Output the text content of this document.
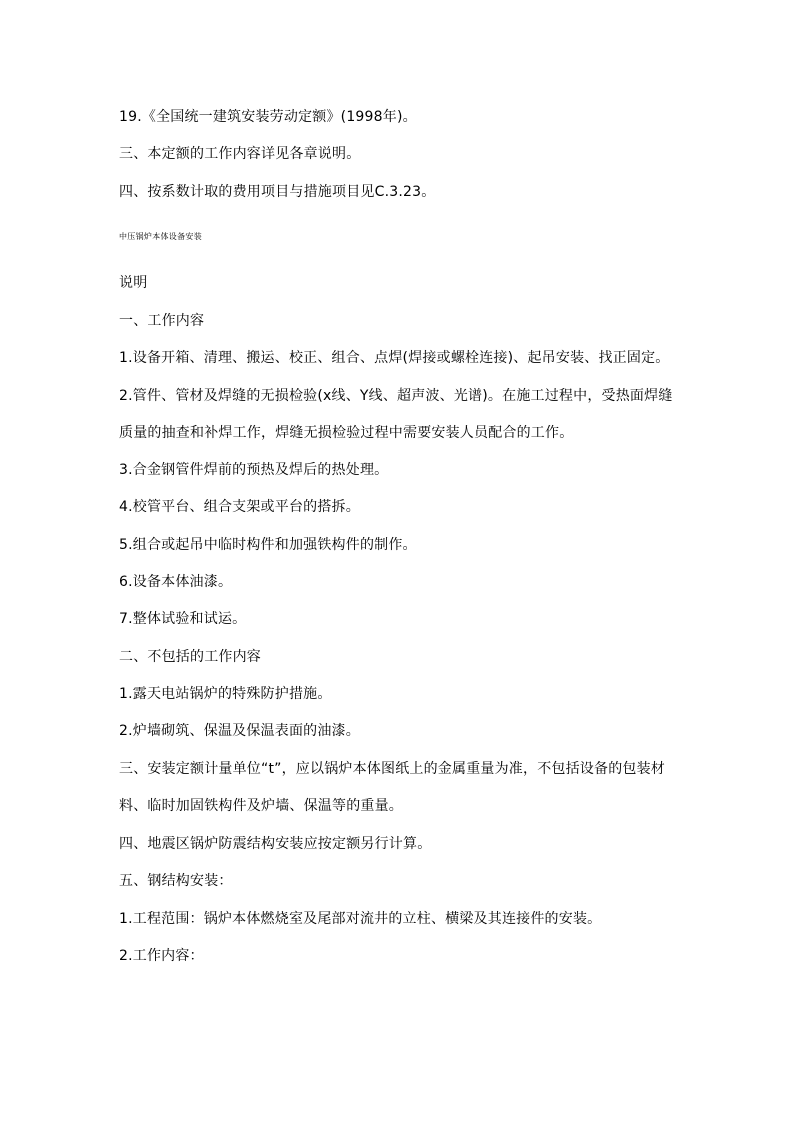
19.《全国统一建筑安装劳动定额》(1998年)。
三、本定额的工作内容详见各章说明。
四、按系数计取的费用项目与措施项目见C.3.23。
中压锅炉本体设备安装
说明
一、工作内容
1.设备开箱、清理、搬运、校正、组合、点焊(焊接或螺栓连接)、起吊安装、找正固定。
2.管件、管材及焊缝的无损检验(x线、Y线、超声波、光谱)。在施工过程中，受热面焊缝
质量的抽查和补焊工作，焊缝无损检验过程中需要安装人员配合的工作。
3.合金钢管件焊前的预热及焊后的热处理。
4.校管平台、组合支架或平台的搭拆。
5.组合或起吊中临时构件和加强铁构件的制作。
6.设备本体油漆。
7.整体试验和试运。
二、不包括的工作内容
1.露天电站锅炉的特殊防护措施。
2.炉墙砌筑、保温及保温表面的油漆。
三、安装定额计量单位“t”，应以锅炉本体图纸上的金属重量为准，不包括设备的包装材
料、临时加固铁构件及炉墙、保温等的重量。
四、地震区锅炉防震结构安装应按定额另行计算。
五、钢结构安装：
1.工程范围：锅炉本体燃烧室及尾部对流井的立柱、横梁及其连接件的安装。
2.工作内容：
